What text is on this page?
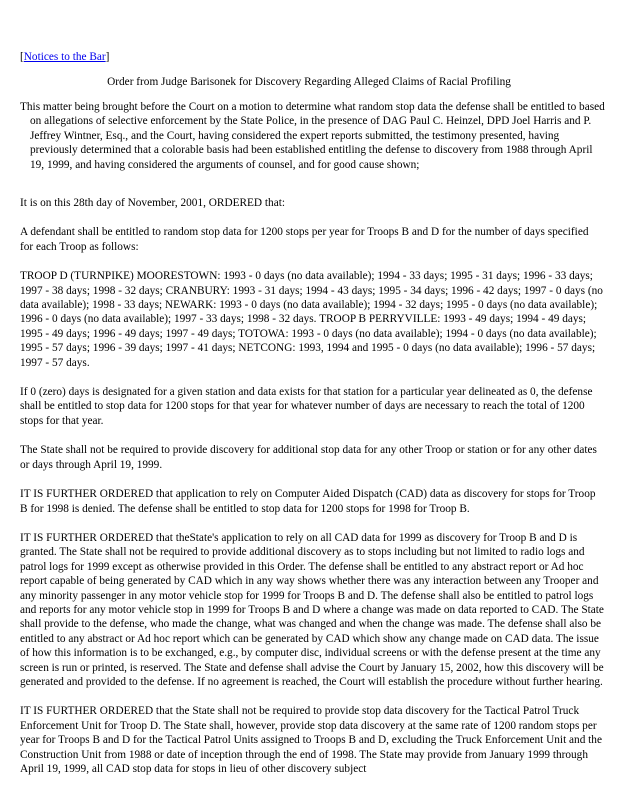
[Notices to the Bar]
Order from Judge Barisonek for Discovery Regarding Alleged Claims of Racial Profiling

This matter being brought before the Court on a motion to determine what random stop data the defense shall be entitled to based on allegations of selective enforcement by the State Police, in the presence of DAG Paul C. Heinzel, DPD Joel Harris and P. Jeffrey Wintner, Esq., and the Court, having considered the expert reports submitted, the testimony presented, having previously determined that a colorable basis had been established entitling the defense to discovery from 1988 through April 19, 1999, and having considered the arguments of counsel, and for good cause shown;

It is on this 28th day of November, 2001, ORDERED that:

A defendant shall be entitled to random stop data for 1200 stops per year for Troops B and D for the number of days specified for each Troop as follows:

TROOP D (TURNPIKE) MOORESTOWN: 1993 - 0 days (no data available); 1994 - 33 days; 1995 - 31 days; 1996 - 33 days; 1997 - 38 days; 1998 - 32 days; CRANBURY: 1993 - 31 days; 1994 - 43 days; 1995 - 34 days; 1996 - 42 days; 1997 - 0 days (no data available); 1998 - 33 days; NEWARK: 1993 - 0 days (no data available); 1994 - 32 days; 1995 - 0 days (no data available); 1996 - 0 days (no data available); 1997 - 33 days; 1998 - 32 days. TROOP B PERRYVILLE: 1993 - 49 days; 1994 - 49 days; 1995 - 49 days; 1996 - 49 days; 1997 - 49 days; TOTOWA: 1993 - 0 days (no data available); 1994 - 0 days (no data available); 1995 - 57 days; 1996 - 39 days; 1997 - 41 days; NETCONG: 1993, 1994 and 1995 - 0 days (no data available); 1996 - 57 days; 1997 - 57 days.

If 0 (zero) days is designated for a given station and data exists for that station for a particular year delineated as 0, the defense shall be entitled to stop data for 1200 stops for that year for whatever number of days are necessary to reach the total of 1200 stops for that year.

The State shall not be required to provide discovery for additional stop data for any other Troop or station or for any other dates or days through April 19, 1999.

IT IS FURTHER ORDERED that application to rely on Computer Aided Dispatch (CAD) data as discovery for stops for Troop B for 1998 is denied. The defense shall be entitled to stop data for 1200 stops for 1998 for Troop B.

IT IS FURTHER ORDERED that theState's application to rely on all CAD data for 1999 as discovery for Troop B and D is granted. The State shall not be required to provide additional discovery as to stops including but not limited to radio logs and patrol logs for 1999 except as otherwise provided in this Order. The defense shall be entitled to any abstract report or Ad hoc report capable of being generated by CAD which in any way shows whether there was any interaction between any Trooper and any minority passenger in any motor vehicle stop for 1999 for Troops B and D. The defense shall also be entitled to patrol logs and reports for any motor vehicle stop in 1999 for Troops B and D where a change was made on data reported to CAD. The State shall provide to the defense, who made the change, what was changed and when the change was made. The defense shall also be entitled to any abstract or Ad hoc report which can be generated by CAD which show any change made on CAD data. The issue of how this information is to be exchanged, e.g., by computer disc, individual screens or with the defense present at the time any screen is run or printed, is reserved. The State and defense shall advise the Court by January 15, 2002, how this discovery will be generated and provided to the defense. If no agreement is reached, the Court will establish the procedure without further hearing.

IT IS FURTHER ORDERED that the State shall not be required to provide stop data discovery for the Tactical Patrol Truck Enforcement Unit for Troop D. The State shall, however, provide stop data discovery at the same rate of 1200 random stops per year for Troops B and D for the Tactical Patrol Units assigned to Troops B and D, excluding the Truck Enforcement Unit and the Construction Unit from 1988 or date of inception through the end of 1998. The State may provide from January 1999 through April 19, 1999, all CAD stop data for stops in lieu of other discovery subject
